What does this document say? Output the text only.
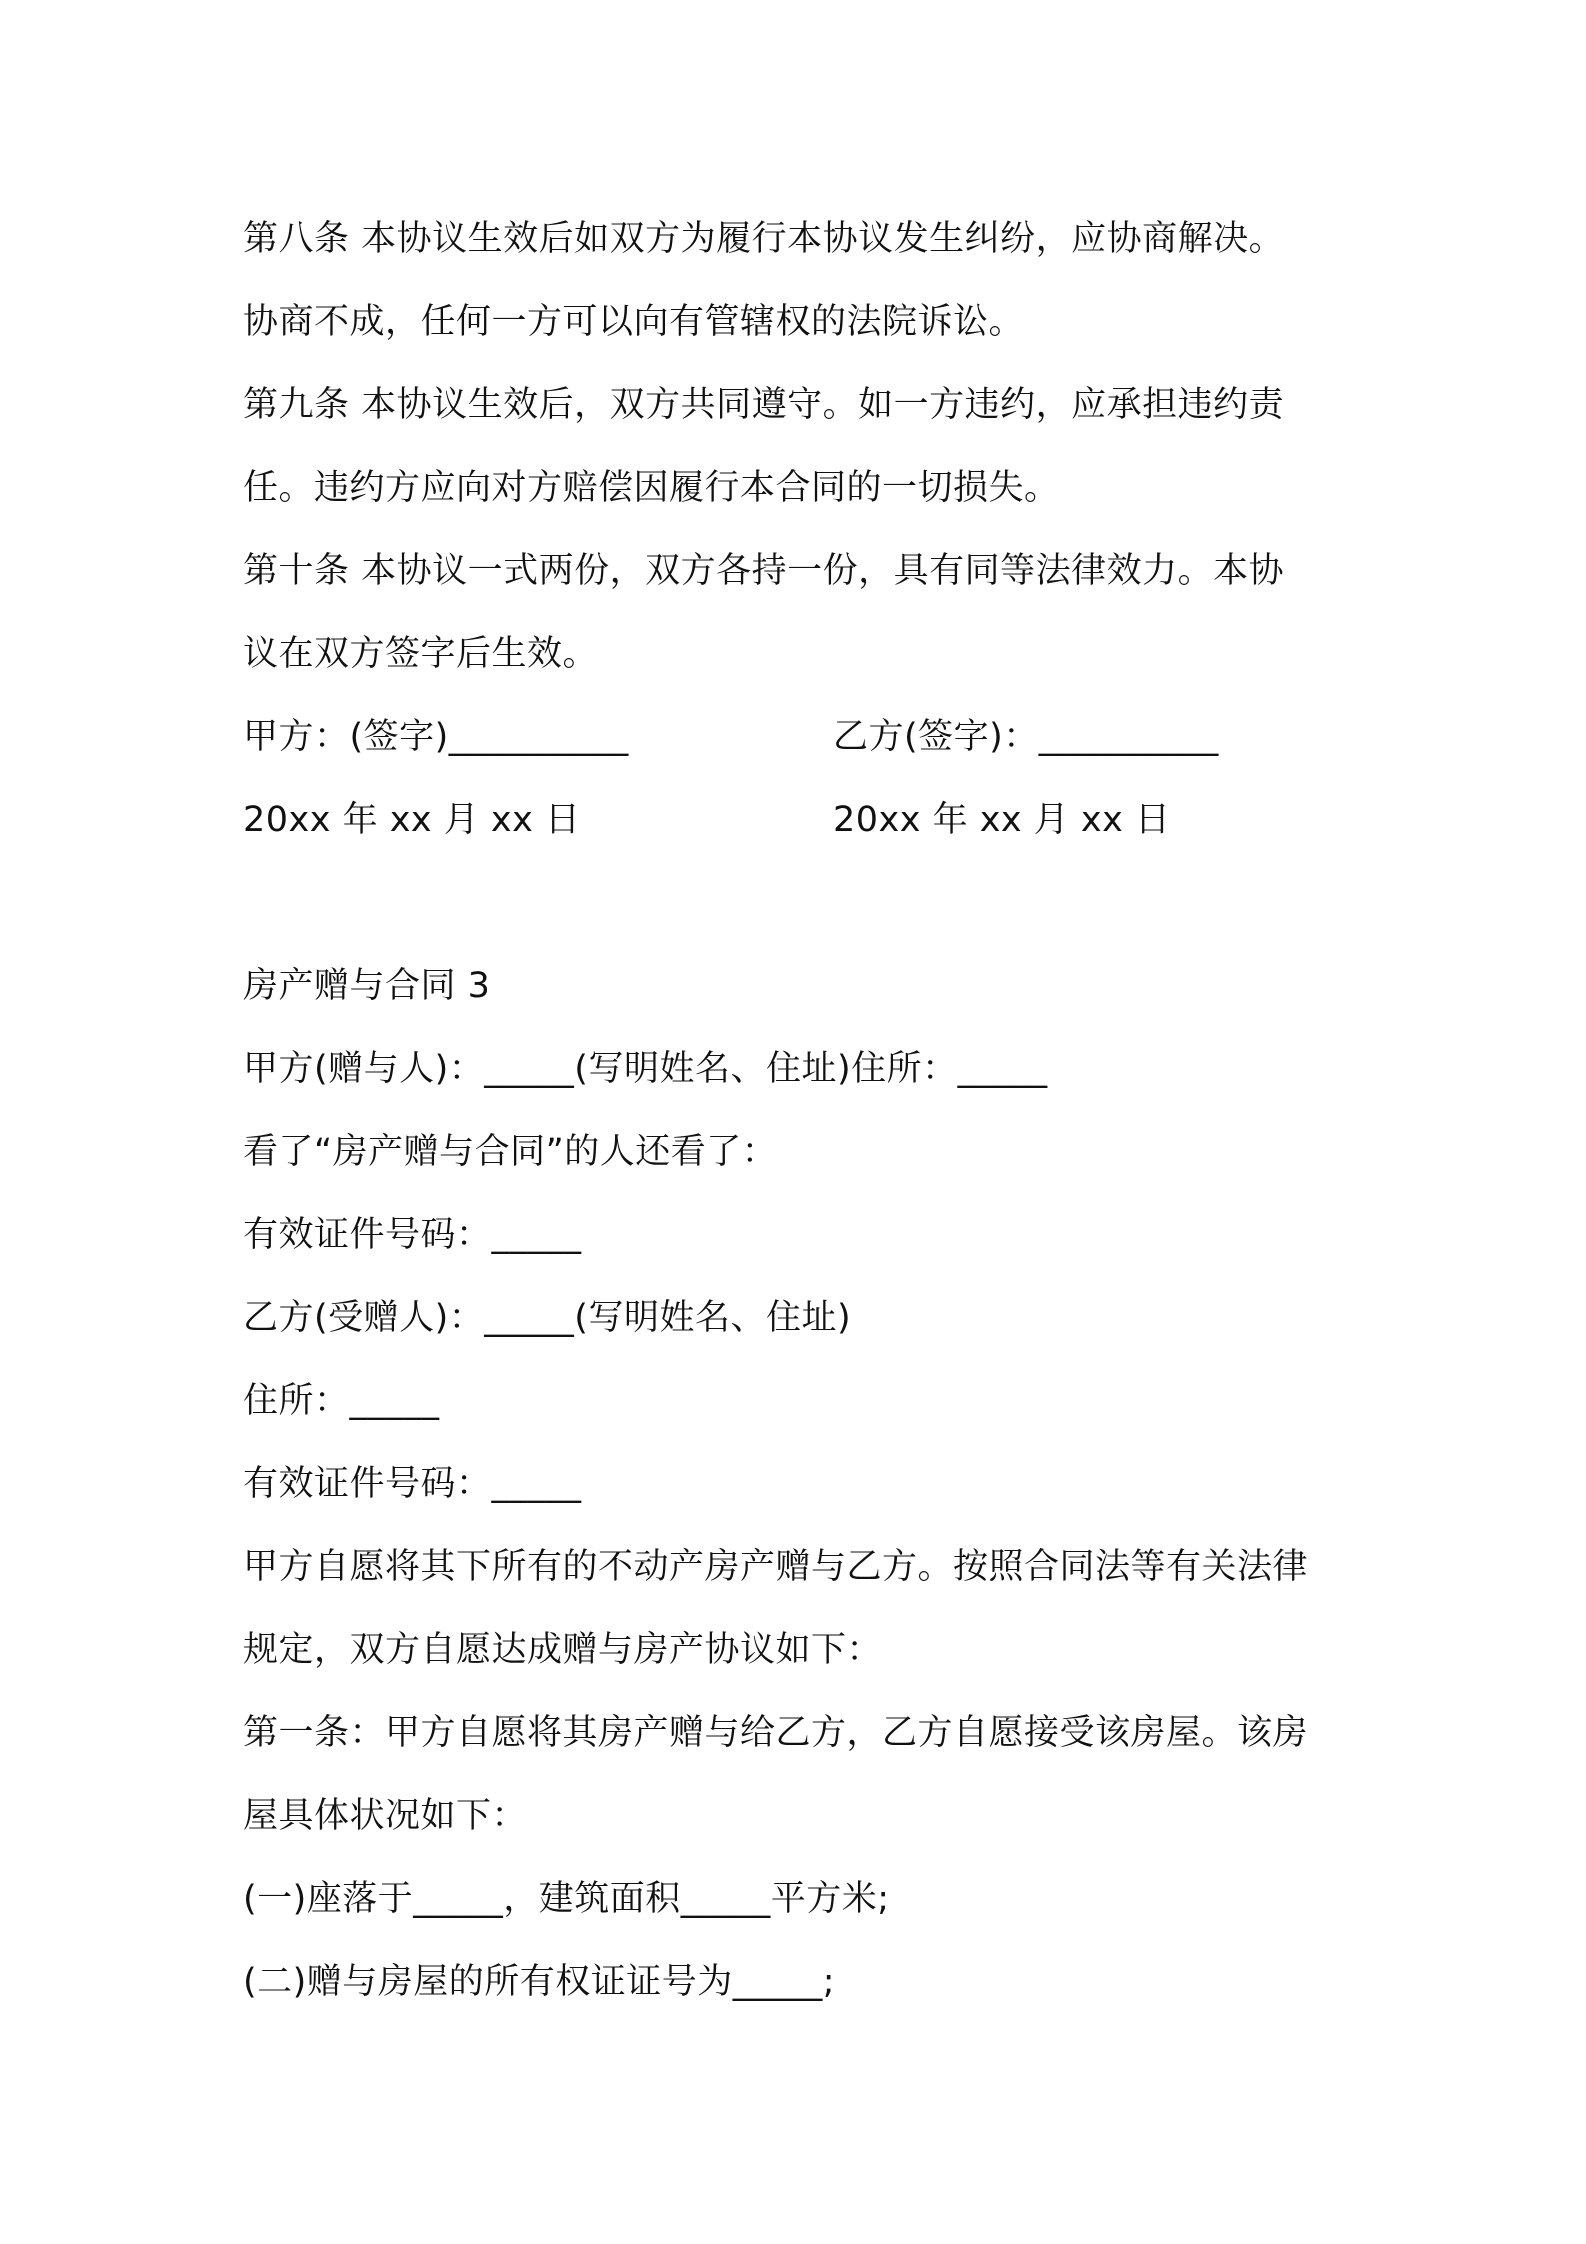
第八条 本协议生效后如双方为履行本协议发生纠纷，应协商解决。
协商不成，任何一方可以向有管辖权的法院诉讼。
第九条 本协议生效后，双方共同遵守。如一方违约，应承担违约责
任。违约方应向对方赔偿因履行本合同的一切损失。
第十条 本协议一式两份，双方各持一份，具有同等法律效力。本协
议在双方签字后生效。
甲方：(签字)__________	乙方(签字)：__________
20xx 年 xx 月 xx 日	20xx 年 xx 月 xx 日
房产赠与合同 3
甲方(赠与人)：_____(写明姓名、住址)住所：_____
看了“房产赠与合同”的人还看了：
有效证件号码：_____
乙方(受赠人)：_____(写明姓名、住址)
住所：_____
有效证件号码：_____
甲方自愿将其下所有的不动产房产赠与乙方。按照合同法等有关法律
规定，双方自愿达成赠与房产协议如下：
第一条：甲方自愿将其房产赠与给乙方，乙方自愿接受该房屋。该房
屋具体状况如下：
(一)座落于_____，建筑面积_____平方米;
(二)赠与房屋的所有权证证号为_____;
